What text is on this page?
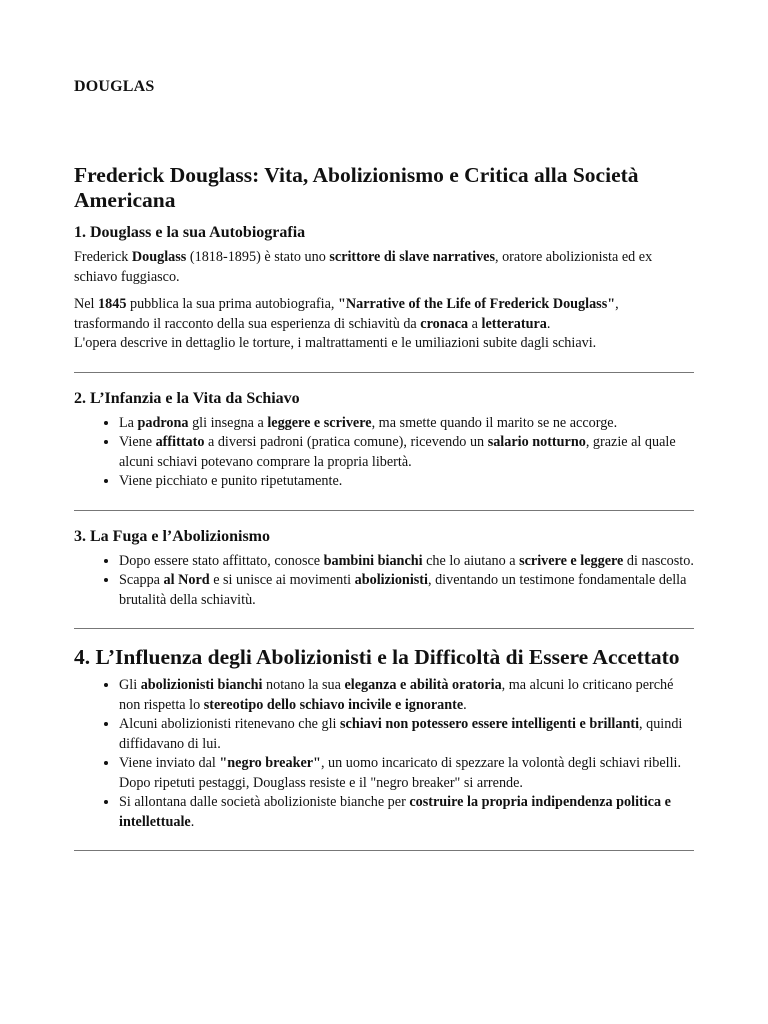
DOUGLAS
Frederick Douglass: Vita, Abolizionismo e Critica alla Società Americana
1. Douglass e la sua Autobiografia

Frederick Douglass (1818-1895) è stato uno scrittore di slave narratives, oratore abolizionista ed ex schiavo fuggiasco.

Nel 1845 pubblica la sua prima autobiografia, "Narrative of the Life of Frederick Douglass", trasformando il racconto della sua esperienza di schiavitù da cronaca a letteratura.
L'opera descrive in dettaglio le torture, i maltrattamenti e le umiliazioni subite dagli schiavi.

2. L’Infanzia e la Vita da Schiavo
• La padrona gli insegna a leggere e scrivere, ma smette quando il marito se ne accorge.
• Viene affittato a diversi padroni (pratica comune), ricevendo un salario notturno, grazie al quale alcuni schiavi potevano comprare la propria libertà.
• Viene picchiato e punito ripetutamente.
3. La Fuga e l’Abolizionismo
• Dopo essere stato affittato, conosce bambini bianchi che lo aiutano a scrivere e leggere di nascosto.
• Scappa al Nord e si unisce ai movimenti abolizionisti, diventando un testimone fondamentale della brutalità della schiavitù.
4. L’Influenza degli Abolizionisti e la Difficoltà di Essere Accettato
• Gli abolizionisti bianchi notano la sua eleganza e abilità oratoria, ma alcuni lo criticano perché non rispetta lo stereotipo dello schiavo incivile e ignorante.
• Alcuni abolizionisti ritenevano che gli schiavi non potessero essere intelligenti e brillanti, quindi diffidavano di lui.
• Viene inviato dal "negro breaker", un uomo incaricato di spezzare la volontà degli schiavi ribelli. Dopo ripetuti pestaggi, Douglass resiste e il "negro breaker" si arrende.
• Si allontana dalle società abolizioniste bianche per costruire la propria indipendenza politica e intellettuale.
